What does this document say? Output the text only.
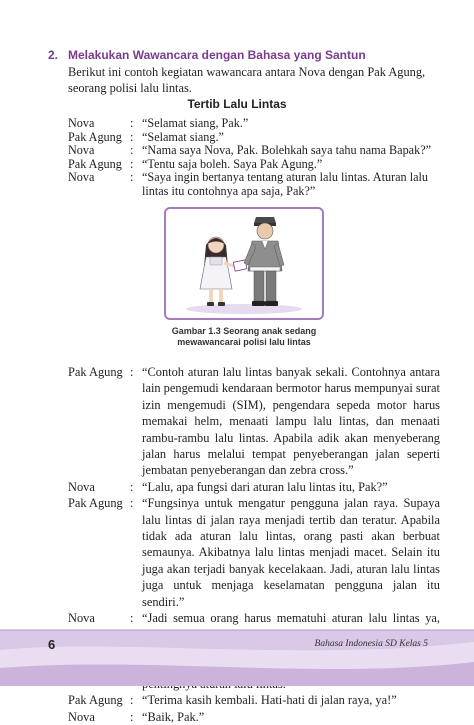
2. Melakukan Wawancara dengan Bahasa yang Santun
Berikut ini contoh kegiatan wawancara antara Nova dengan Pak Agung, seorang polisi lalu lintas.
Tertib Lalu Lintas
Nova	: “Selamat siang, Pak.”
Pak Agung : “Selamat siang.”
Nova	: “Nama saya Nova, Pak. Bolehkah saya tahu nama Bapak?”
Pak Agung : “Tentu saja boleh. Saya Pak Agung.”
Nova	: “Saya ingin bertanya tentang aturan lalu lintas. Aturan lalu lintas itu contohnya apa saja, Pak?”
Gambar 1.3 Seorang anak sedang
mewawancarai polisi lalu lintas
Pak Agung : “Contoh aturan lalu lintas banyak sekali. Contohnya antara lain pengemudi kendaraan bermotor harus mempunyai surat izin mengemudi (SIM), pengendara sepeda motor harus memakai helm, menaati lampu lalu lintas, dan menaati rambu-rambu lalu lintas. Apabila adik akan menyeberang jalan harus melalui tempat penyeberangan jalan seperti jembatan penyeberangan dan zebra cross.”
Nova	: “Lalu, apa fungsi dari aturan lalu lintas itu, Pak?”
Pak Agung : “Fungsinya untuk mengatur pengguna jalan raya. Supaya lalu lintas di jalan raya menjadi tertib dan teratur. Apabila tidak ada aturan lalu lintas, orang pasti akan berbuat semaunya. Akibatnya lalu lintas menjadi macet. Selain itu juga akan terjadi banyak kecelakaan. Jadi, aturan lalu lintas juga untuk menjaga keselamatan pengguna jalan itu sendiri.”
Nova	: “Jadi semua orang harus mematuhi aturan lalu lintas ya,
Pak Agung : “Terima kasih kembali. Hati-hati di jalan raya, ya!”
Nova	: “Baik, Pak.”
6	Bahasa Indonesia SD Kelas 5
